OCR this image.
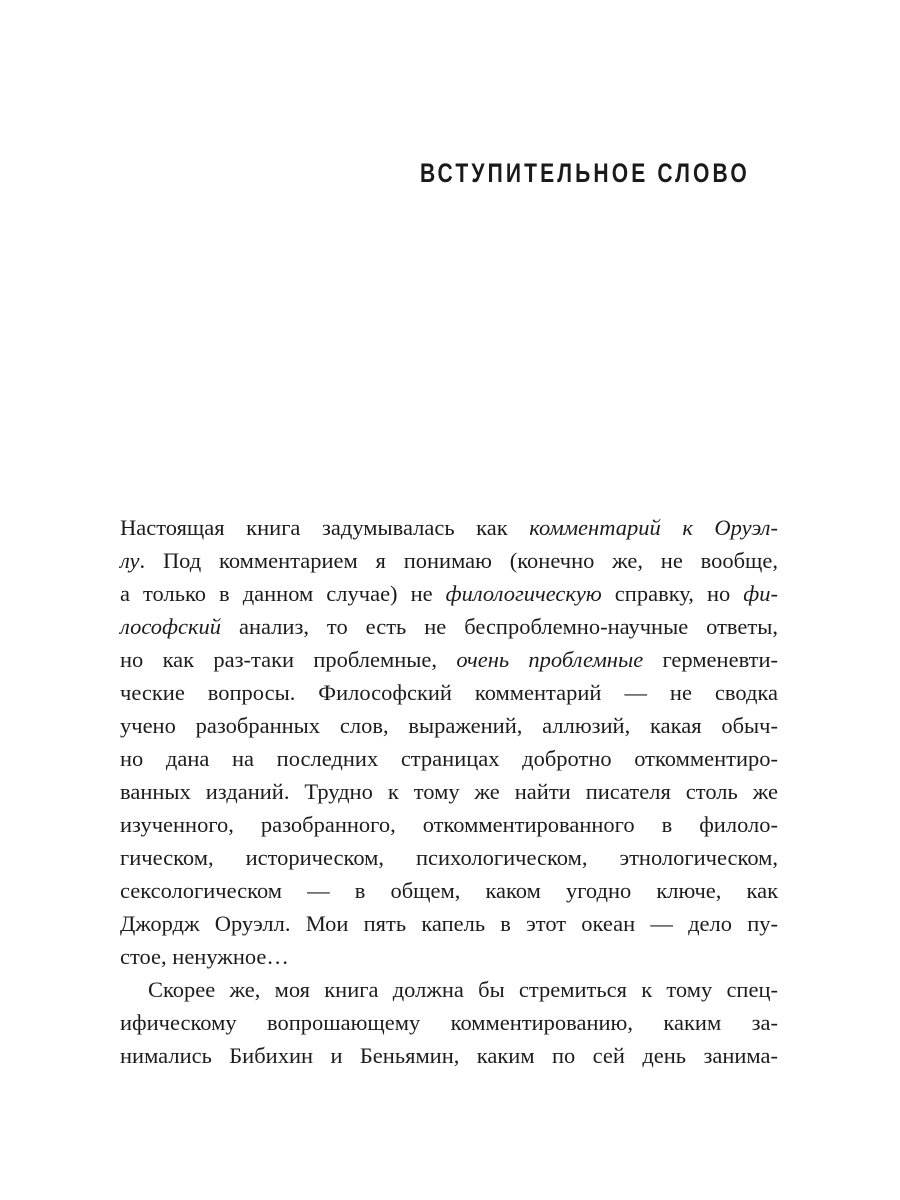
ВСТУПИТЕЛЬНОЕ СЛОВО
Настоящая книга задумывалась как комментарий к Оруэл-
лу. Под комментарием я понимаю (конечно же, не вообще,
а только в данном случае) не филологическую справку, но фи-
лософский анализ, то есть не беспроблемно-научные ответы,
но как раз-таки проблемные, очень проблемные герменевти-
ческие вопросы. Философский комментарий — не сводка
учено разобранных слов, выражений, аллюзий, какая обыч-
но дана на последних страницах добротно откомментиро-
ванных изданий. Трудно к тому же найти писателя столь же
изученного, разобранного, откомментированного в филоло-
гическом, историческом, психологическом, этнологическом,
сексологическом — в общем, каком угодно ключе, как
Джордж Оруэлл. Мои пять капель в этот океан — дело пу-
стое, ненужное…
Скорее же, моя книга должна бы стремиться к тому спец-
ифическому вопрошающему комментированию, каким за-
нимались Бибихин и Беньямин, каким по сей день занима-
